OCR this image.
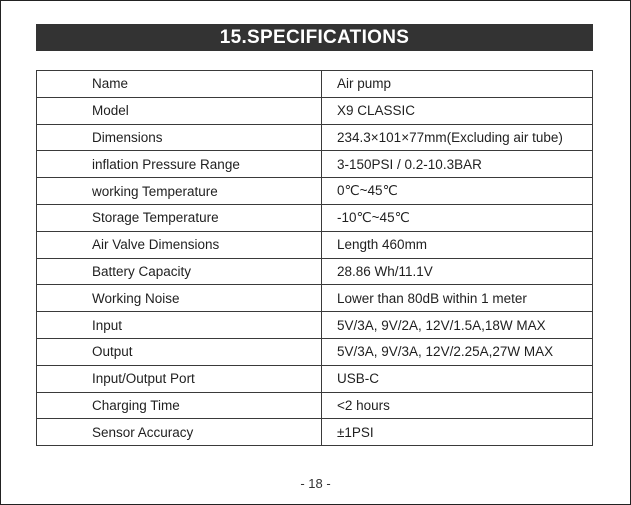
15.SPECIFICATIONS
Name	Air pump
Model	X9 CLASSIC
Dimensions	234.3×101×77mm(Excluding air tube)
inflation Pressure Range	3-150PSI / 0.2-10.3BAR
working Temperature	0℃~45℃
Storage Temperature	-10℃~45℃
Air Valve Dimensions	Length 460mm
Battery Capacity	28.86 Wh/11.1V
Working Noise	Lower than 80dB within 1 meter
Input	5V/3A, 9V/2A, 12V/1.5A,18W MAX
Output	5V/3A, 9V/3A, 12V/2.25A,27W MAX
Input/Output Port	USB-C
Charging Time	<2 hours
Sensor Accuracy	±1PSI
- 18 -
